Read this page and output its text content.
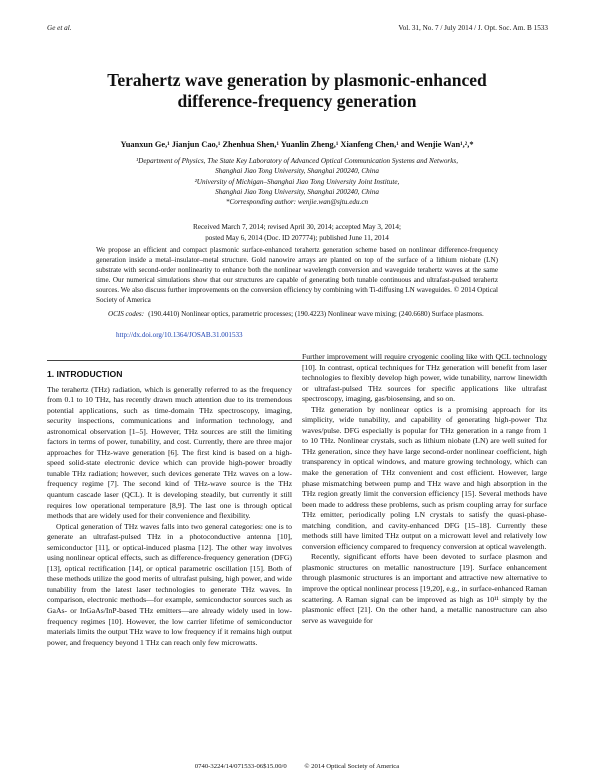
Ge et al.	Vol. 31, No. 7 / July 2014 / J. Opt. Soc. Am. B 1533
Terahertz wave generation by plasmonic-enhanced
difference-frequency generation
Yuanxun Ge,¹ Jianjun Cao,¹ Zhenhua Shen,¹ Yuanlin Zheng,¹ Xianfeng Chen,¹ and Wenjie Wan¹,²,*
¹Department of Physics, The State Key Laboratory of Advanced Optical Communication Systems and Networks,
Shanghai Jiao Tong University, Shanghai 200240, China
²University of Michigan–Shanghai Jiao Tong University Joint Institute,
Shanghai Jiao Tong University, Shanghai 200240, China
*Corresponding author: wenjie.wan@sjtu.edu.cn
Received March 7, 2014; revised April 30, 2014; accepted May 3, 2014;
posted May 6, 2014 (Doc. ID 207774); published June 11, 2014
We propose an efficient and compact plasmonic surface-enhanced terahertz generation scheme based on nonlinear difference-frequency generation inside a metal–insulator–metal structure. Gold nanowire arrays are planted on top of the surface of a lithium niobate (LN) substrate with second-order nonlinearity to enhance both the nonlinear wavelength conversion and waveguide terahertz waves at the same time. Our numerical simulations show that our structures are capable of generating both tunable continuous and ultrafast-pulsed terahertz sources. We also discuss further improvements on the conversion efficiency by combining with Ti-diffusing LN waveguides. © 2014 Optical Society of America
OCIS codes: (190.4410) Nonlinear optics, parametric processes; (190.4223) Nonlinear wave mixing; (240.6680) Surface plasmons.
http://dx.doi.org/10.1364/JOSAB.31.001533
1. INTRODUCTION

The terahertz (THz) radiation, which is generally referred to as the frequency from 0.1 to 10 THz, has recently drawn much attention due to its tremendous potential applications, such as time-domain THz spectroscopy, imaging, security inspections, communications and information technology, and astronomical observation [1–5]. However, THz sources are still the limiting factors in terms of power, tunability, and cost. Currently, there are three major approaches for THz-wave generation [6]. The first kind is based on a high-speed solid-state electronic device which can provide high-power broadly tunable THz radiation; however, such devices generate THz waves on a low-frequency regime [7]. The second kind of THz-wave source is the THz quantum cascade laser (QCL). It is developing steadily, but currently it still requires low operational temperature [8,9]. The last one is through optical methods that are widely used for their convenience and flexibility.

Optical generation of THz waves falls into two general categories: one is to generate an ultrafast-pulsed THz in a photoconductive antenna [10], semiconductor [11], or optical-induced plasma [12]. The other way involves using nonlinear optical effects, such as difference-frequency generation (DFG) [13], optical rectification [14], or optical parametric oscillation [15]. Both of these methods utilize the good merits of ultrafast pulsing, high power, and wide tunability from the latest laser technologies to generate THz waves. In comparison, electronic methods—for example, semiconductor sources such as GaAs- or InGaAs/InP-based THz emitters—are already widely used in low-frequency regimes [10]. However, the low carrier lifetime of semiconductor materials limits the output THz wave to low frequency if it remains high output power, and frequency beyond 1 THz can reach only few microwatts.

Further improvement will require cryogenic cooling like with QCL technology [10]. In contrast, optical techniques for THz generation will benefit from laser technologies to flexibly develop high power, wide tunability, narrow linewidth or ultrafast-pulsed THz sources for specific applications like ultrafast spectroscopy, imaging, gas/biosensing, and so on.

THz generation by nonlinear optics is a promising approach for its simplicity, wide tunability, and capability of generating high-power Thz waves/pulse. DFG especially is popular for THz generation in a range from 1 to 10 THz. Nonlinear crystals, such as lithium niobate (LN) are well suited for THz generation, since they have large second-order nonlinear coefficient, high transparency in optical windows, and mature growing technology, which can make the generation of THz convenient and cost efficient. However, large phase mismatching between pump and THz wave and high absorption in the THz region greatly limit the conversion efficiency [15]. Several methods have been made to address these problems, such as prism coupling array for surface THz emitter, periodically poling LN crystals to satisfy the quasi-phase-matching condition, and cavity-enhanced DFG [15–18]. Currently these methods still have limited THz output on a microwatt level and relatively low conversion efficiency compared to frequency conversion at optical wavelength.

Recently, significant efforts have been devoted to surface plasmon and plasmonic structures on metallic nanostructure [19]. Surface enhancement through plasmonic structures is an important and attractive new alternative to improve the optical nonlinear process [19,20], e.g., in surface-enhanced Raman scattering. A Raman signal can be improved as high as 10¹¹ simply by the plasmonic effect [21]. On the other hand, a metallic nanostructure can also serve as waveguide for

0740-3224/14/071533-06$15.00/0	© 2014 Optical Society of America
